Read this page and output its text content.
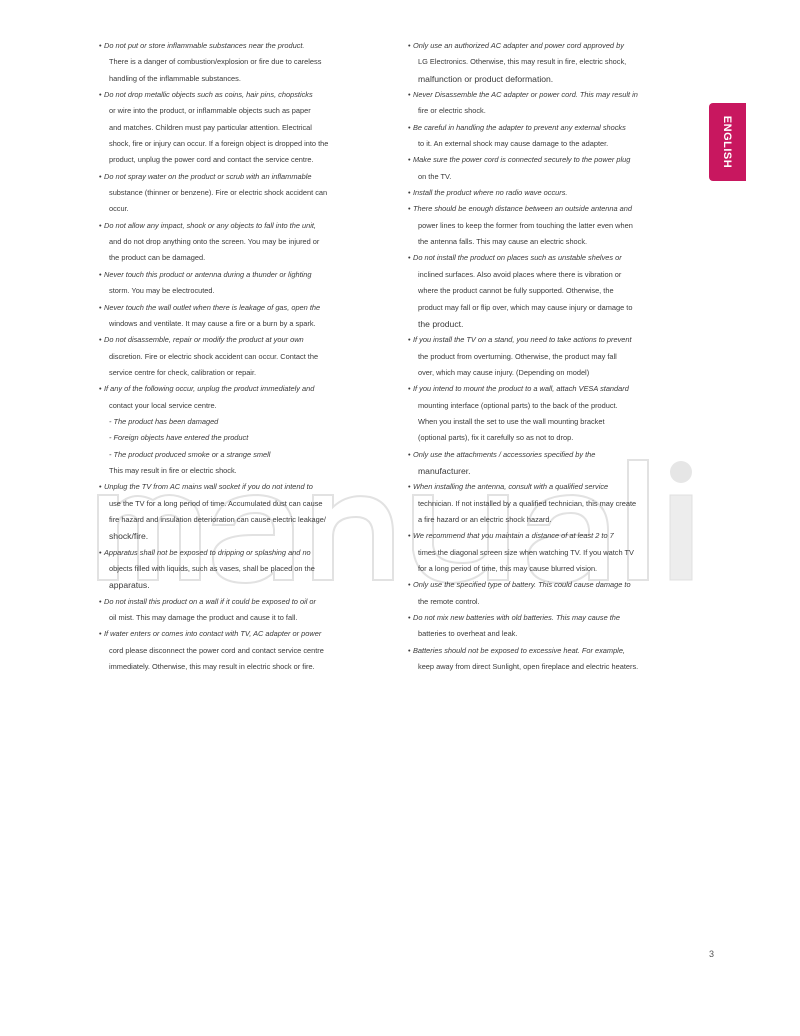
• Do not put or store inflammable substances near the product.
There is a danger of combustion/explosion or fire due to careless
handling of the inflammable substances.
• Do not drop metallic objects such as coins, hair pins, chopsticks
or wire into the product, or inflammable objects such as paper
and matches. Children must pay particular attention. Electrical
shock, fire or injury can occur. If a foreign object is dropped into the
product, unplug the power cord and contact the service centre.
• Do not spray water on the product or scrub with an inflammable
substance (thinner or benzene). Fire or electric shock accident can
occur.
• Do not allow any impact, shock or any objects to fall into the unit,
and do not drop anything onto the screen. You may be injured or
the product can be damaged.
• Never touch this product or antenna during a thunder or lighting
storm. You may be electrocuted.
• Never touch the wall outlet when there is leakage of gas, open the
windows and ventilate. It may cause a fire or a burn by a spark.
• Do not disassemble, repair or modify the product at your own
discretion. Fire or electric shock accident can occur. Contact the
service centre for check, calibration or repair.
• If any of the following occur, unplug the product immediately and
contact your local service centre.
- The product has been damaged
- Foreign objects have entered the product
- The product produced smoke or a strange smell
This may result in fire or electric shock.
• Unplug the TV from AC mains wall socket if you do not intend to
use the TV for a long period of time. Accumulated dust can cause
fire hazard and insulation deterioration can cause electric leakage/
shock/fire.
• Apparatus shall not be exposed to dripping or splashing and no
objects filled with liquids, such as vases, shall be placed on the
apparatus.
• Do not install this product on a wall if it could be exposed to oil or
oil mist. This may damage the product and cause it to fall.
• If water enters or comes into contact with TV, AC adapter or power
cord please disconnect the power cord and contact service centre
immediately. Otherwise, this may result in electric shock or fire.
• Only use an authorized AC adapter and power cord approved by
LG Electronics. Otherwise, this may result in fire, electric shock,
malfunction or product deformation.
• Never Disassemble the AC adapter or power cord. This may result in
fire or electric shock.
• Be careful in handling the adapter to prevent any external shocks
to it. An external shock may cause damage to the adapter.
• Make sure the power cord is connected securely to the power plug
on the TV.
• Install the product where no radio wave occurs.
• There should be enough distance between an outside antenna and
power lines to keep the former from touching the latter even when
the antenna falls. This may cause an electric shock.
• Do not install the product on places such as unstable shelves or
inclined surfaces. Also avoid places where there is vibration or
where the product cannot be fully supported. Otherwise, the
product may fall or flip over, which may cause injury or damage to
the product.
• If you install the TV on a stand, you need to take actions to prevent
the product from overturning. Otherwise, the product may fall
over, which may cause injury. (Depending on model)
• If you intend to mount the product to a wall, attach VESA standard
mounting interface (optional parts) to the back of the product.
When you install the set to use the wall mounting bracket
(optional parts), fix it carefully so as not to drop.
• Only use the attachments / accessories specified by the
manufacturer.
• When installing the antenna, consult with a qualified service
technician. If not installed by a qualified technician, this may create
a fire hazard or an electric shock hazard.
• We recommend that you maintain a distance of at least 2 to 7
times the diagonal screen size when watching TV. If you watch TV
for a long period of time, this may cause blurred vision.
• Only use the specified type of battery. This could cause damage to
the remote control.
• Do not mix new batteries with old batteries. This may cause the
batteries to overheat and leak.
• Batteries should not be exposed to excessive heat. For example,
keep away from direct Sunlight, open fireplace and electric heaters.
ENGLISH
3
